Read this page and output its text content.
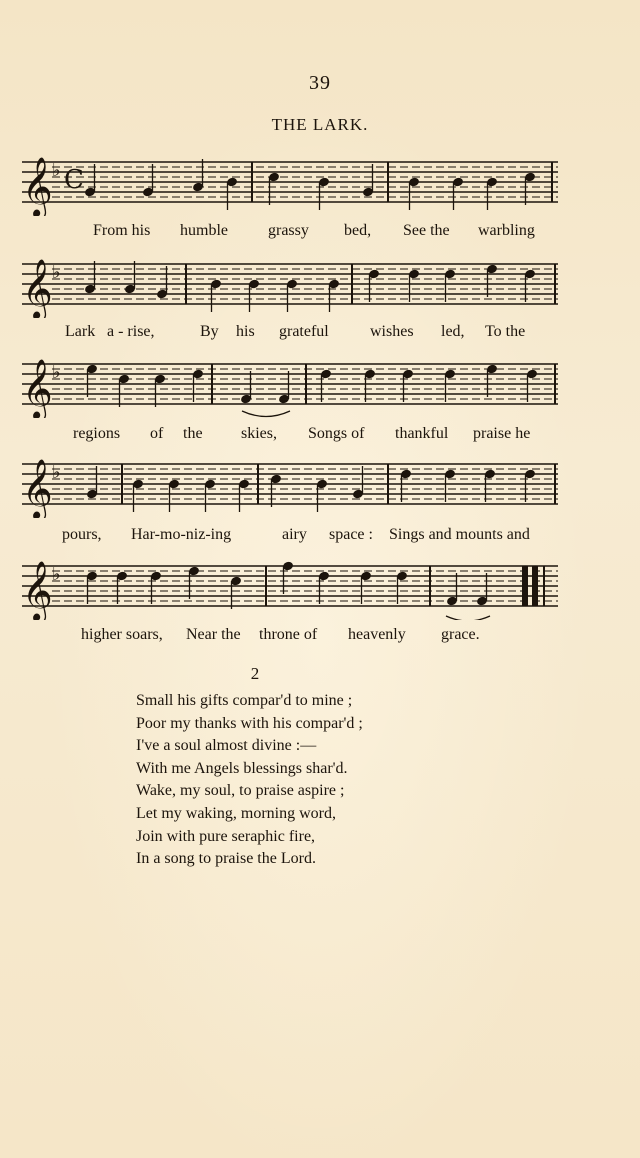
39
THE LARK.
𝄞 ♭ C
From his humble	grassy bed, See the warbling
𝄞 ♭
Lark a - rise,	By his grateful	wishes led, To the
𝄞 ♭
regions of the skies, Songs of thankful praise he
𝄞 ♭
pours, Har-mo-niz-ing	airy space : Sings and mounts and
𝄞 ♭
higher soars, Near the throne of heavenly grace.
2
Small his gifts compar'd to mine ;
Poor my thanks with his compar'd ;
I've a soul almost divine :—
With me Angels blessings shar'd.
Wake, my soul, to praise aspire ;
Let my waking, morning word,
Join with pure seraphic fire,
In a song to praise the Lord.
